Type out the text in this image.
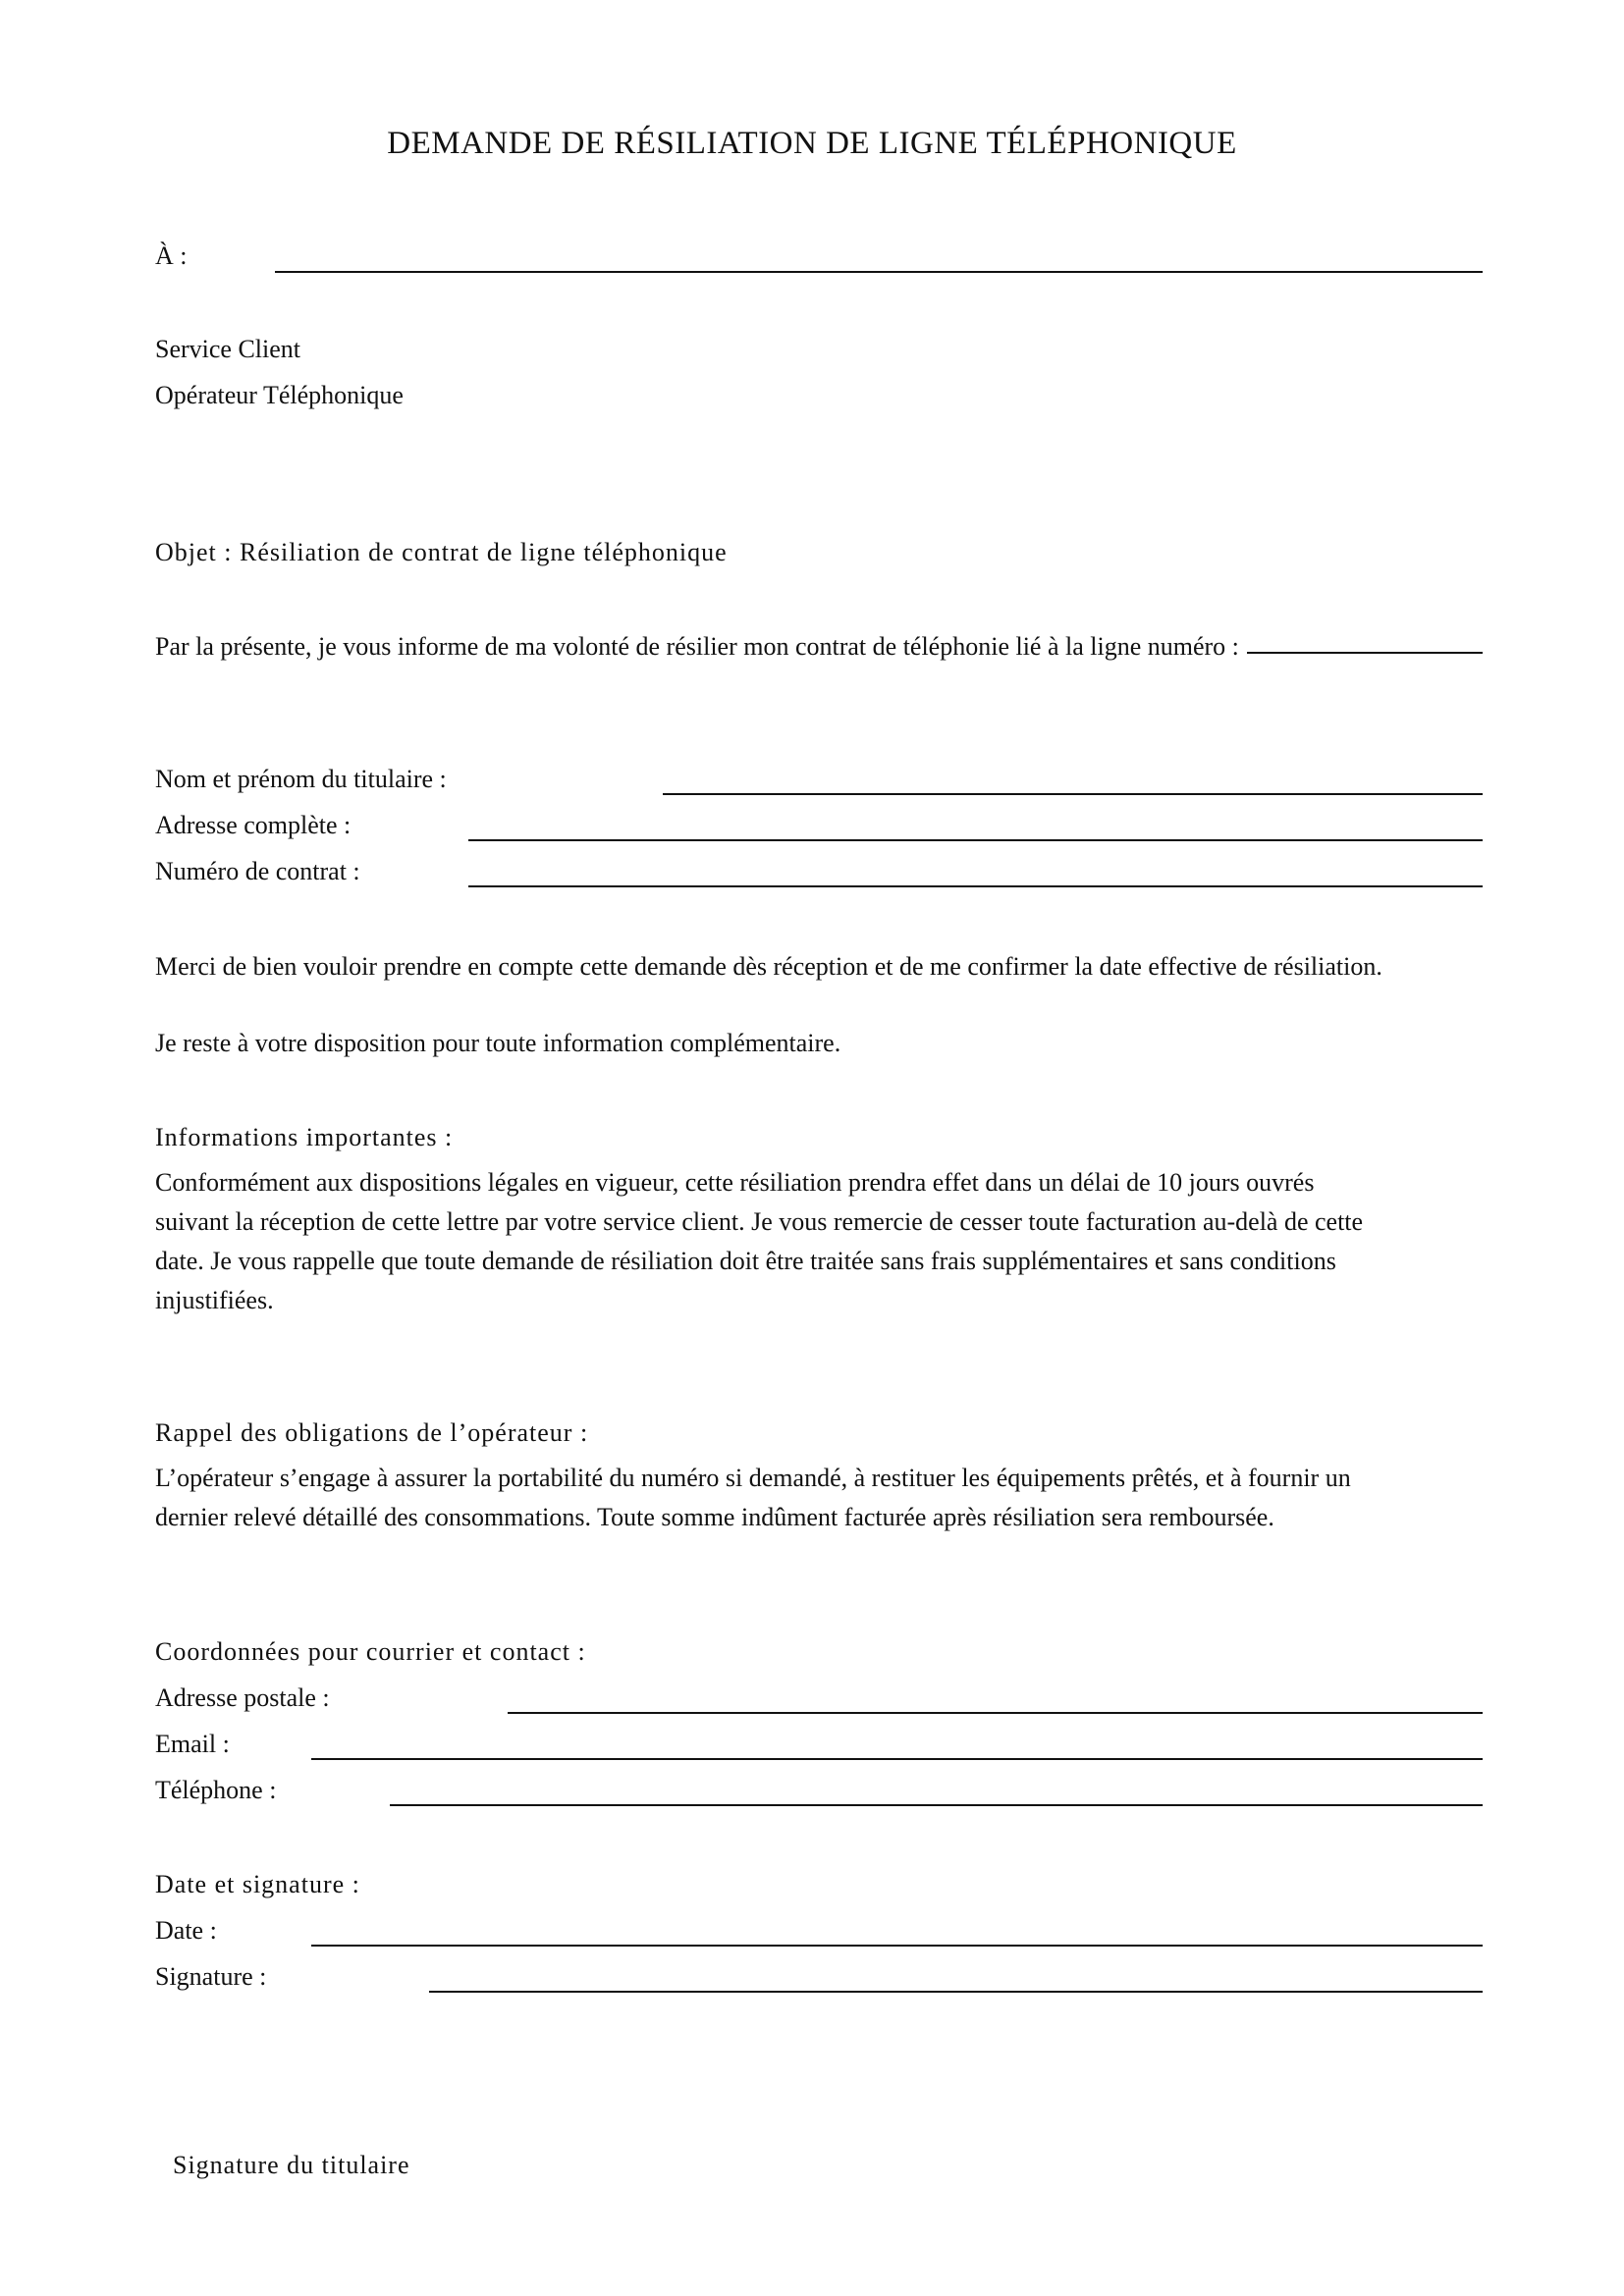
DEMANDE DE RÉSILIATION DE LIGNE TÉLÉPHONIQUE
À :
Service Client
Opérateur Téléphonique
Objet : Résiliation de contrat de ligne téléphonique
Par la présente, je vous informe de ma volonté de résilier mon contrat de téléphonie lié à la ligne numéro :
Nom et prénom du titulaire :
Adresse complète :
Numéro de contrat :
Merci de bien vouloir prendre en compte cette demande dès réception et de me confirmer la date effective de résiliation.
Je reste à votre disposition pour toute information complémentaire.
Informations importantes :
Conformément aux dispositions légales en vigueur, cette résiliation prendra effet dans un délai de 10 jours ouvrés
suivant la réception de cette lettre par votre service client. Je vous remercie de cesser toute facturation au-delà de cette
date. Je vous rappelle que toute demande de résiliation doit être traitée sans frais supplémentaires et sans conditions
injustifiées.
Rappel des obligations de l’opérateur :
L’opérateur s’engage à assurer la portabilité du numéro si demandé, à restituer les équipements prêtés, et à fournir un
dernier relevé détaillé des consommations. Toute somme indûment facturée après résiliation sera remboursée.
Coordonnées pour courrier et contact :
Adresse postale :
Email :
Téléphone :
Date et signature :
Date :
Signature :
Signature du titulaire
